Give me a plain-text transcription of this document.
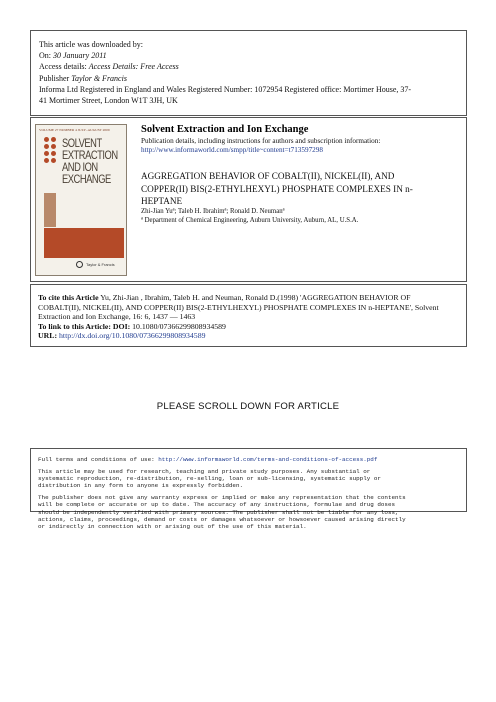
This article was downloaded by:
On: 30 January 2011
Access details: Access Details: Free Access
Publisher Taylor & Francis
Informa Ltd Registered in England and Wales Registered Number: 1072954 Registered office: Mortimer House, 37-
41 Mortimer Street, London W1T 3JH, UK
VOLUME 27 NUMBER 4 JULY–AUGUST 2009
SOLVENT
EXTRACTION
AND ION
EXCHANGE
Taylor & Francis
Solvent Extraction and Ion Exchange
Publication details, including instructions for authors and subscription information:
http://www.informaworld.com/smpp/title~content=t713597298
AGGREGATION BEHAVIOR OF COBALT(II), NICKEL(II), AND
COPPER(II) BIS(2-ETHYLHEXYL) PHOSPHATE COMPLEXES IN n-
HEPTANE
Zhi-Jian Yuª; Taleb H. Ibrahimª; Ronald D. Neumanª
ª Department of Chemical Engineering, Auburn University, Auburn, AL, U.S.A.
To cite this Article Yu, Zhi-Jian , Ibrahim, Taleb H. and Neuman, Ronald D.(1998) 'AGGREGATION BEHAVIOR OF
COBALT(II), NICKEL(II), AND COPPER(II) BIS(2-ETHYLHEXYL) PHOSPHATE COMPLEXES IN n-HEPTANE', Solvent
Extraction and Ion Exchange, 16: 6, 1437 — 1463
To link to this Article: DOI: 10.1080/07366299808934589
URL: http://dx.doi.org/10.1080/07366299808934589
PLEASE SCROLL DOWN FOR ARTICLE
Full terms and conditions of use: http://www.informaworld.com/terms-and-conditions-of-access.pdf
This article may be used for research, teaching and private study purposes. Any substantial or
systematic reproduction, re-distribution, re-selling, loan or sub-licensing, systematic supply or
distribution in any form to anyone is expressly forbidden.
The publisher does not give any warranty express or implied or make any representation that the contents
will be complete or accurate or up to date. The accuracy of any instructions, formulae and drug doses
should be independently verified with primary sources. The publisher shall not be liable for any loss,
actions, claims, proceedings, demand or costs or damages whatsoever or howsoever caused arising directly
or indirectly in connection with or arising out of the use of this material.
